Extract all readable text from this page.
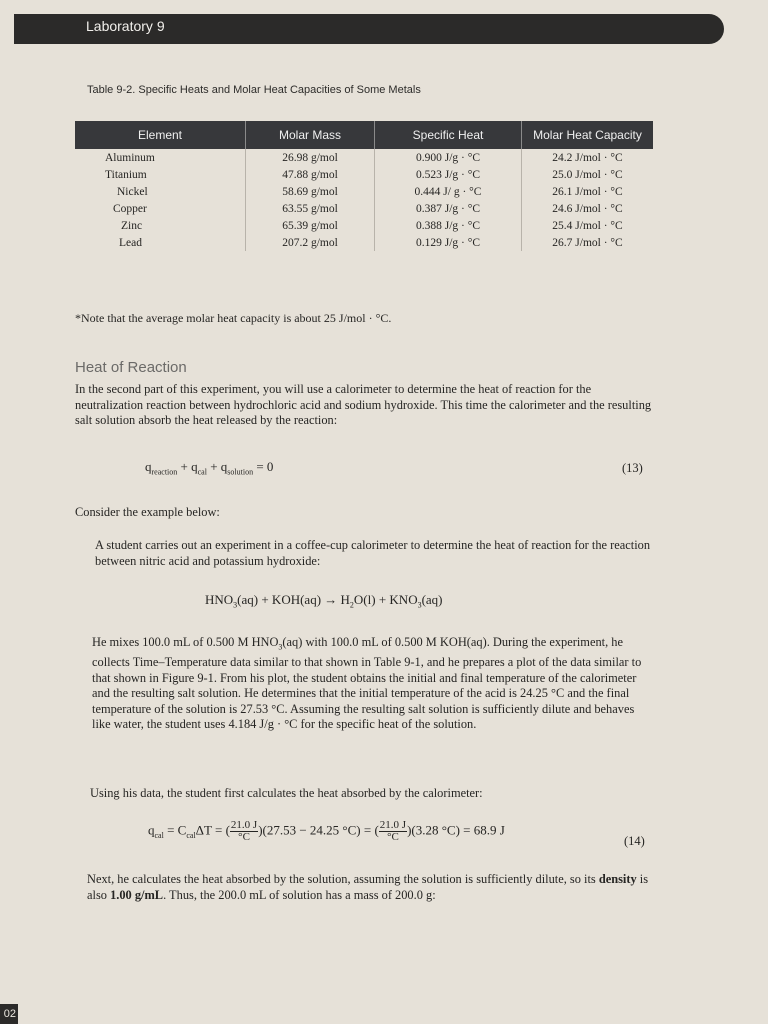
Laboratory 9
Table 9-2. Specific Heats and Molar Heat Capacities of Some Metals
Element	Molar Mass	Specific Heat	Molar Heat Capacity
Aluminum	26.98 g/mol	0.900 J/g · °C	24.2 J/mol · °C
Titanium	47.88 g/mol	0.523 J/g · °C	25.0 J/mol · °C
Nickel	58.69 g/mol	0.444 J/ g · °C	26.1 J/mol · °C
Copper	63.55 g/mol	0.387 J/g · °C	24.6 J/mol · °C
Zinc	65.39 g/mol	0.388 J/g · °C	25.4 J/mol · °C
Lead	207.2 g/mol	0.129 J/g · °C	26.7 J/mol · °C
*Note that the average molar heat capacity is about 25 J/mol · °C.
Heat of Reaction
In the second part of this experiment, you will use a calorimeter to determine the heat of reaction for the neutralization reaction between hydrochloric acid and sodium hydroxide. This time the calorimeter and the resulting salt solution absorb the heat released by the reaction:
$q_{reaction} + q_{cal} + q_{solution} = 0$	(13)
Consider the example below:
A student carries out an experiment in a coffee-cup calorimeter to determine the heat of reaction for the reaction between nitric acid and potassium hydroxide:
$HNO_3(aq) + KOH(aq) \to H_2O(l) + KNO_3(aq)$
He mixes 100.0 mL of 0.500 M $HNO_3(aq)$ with 100.0 mL of 0.500 M KOH(aq). During the experiment, he collects Time–Temperature data similar to that shown in Table 9-1, and he prepares a plot of the data similar to that shown in Figure 9-1. From his plot, the student obtains the initial and final temperature of the calorimeter and the resulting salt solution. He determines that the initial temperature of the acid is 24.25 °C and the final temperature of the solution is 27.53 °C. Assuming the resulting salt solution is sufficiently dilute and behaves like water, the student uses 4.184 J/g · °C for the specific heat of the solution.
Using his data, the student first calculates the heat absorbed by the calorimeter:
$q_{cal} = C_{cal}\Delta T$ = ( $\frac{21.0 J}{^\circ C} )(27.53 - 24.25$ °C) = ( $\frac{21.0 J}{^\circ C} )(3.28$ °C) = 68.9 J
(14)
Next, he calculates the heat absorbed by the solution, assuming the solution is sufficiently dilute, so its density is also 1.00 g/mL. Thus, the 200.0 mL of solution has a mass of 200.0 g:
02
